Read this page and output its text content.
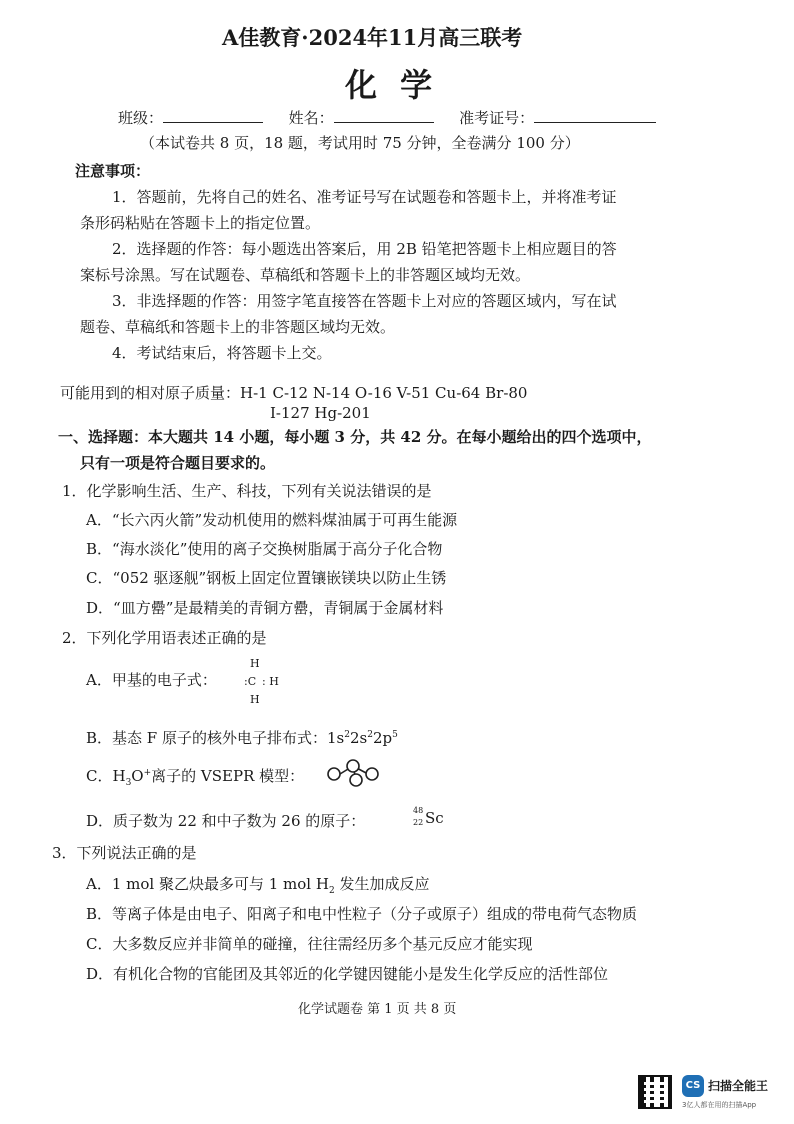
A佳教育·2024年11月高三联考
化 学
班级：	姓名：	准考证号：
（本试卷共 8 页，18 题，考试用时 75 分钟，全卷满分 100 分）
注意事项：
1．答题前，先将自己的姓名、准考证号写在试题卷和答题卡上，并将准考证
条形码粘贴在答题卡上的指定位置。
2．选择题的作答：每小题选出答案后，用 2B 铅笔把答题卡上相应题目的答
案标号涂黑。写在试题卷、草稿纸和答题卡上的非答题区域均无效。
3．非选择题的作答：用签字笔直接答在答题卡上对应的答题区域内，写在试
题卷、草稿纸和答题卡上的非答题区域均无效。
4．考试结束后，将答题卡上交。
可能用到的相对原子质量：H-1 C-12 N-14 O-16 V-51 Cu-64 Br-80
I-127 Hg-201
一、选择题：本大题共 14 小题，每小题 3 分，共 42 分。在每小题给出的四个选项中，
只有一项是符合题目要求的。
1．化学影响生活、生产、科技，下列有关说法错误的是
A．“长六丙火箭”发动机使用的燃料煤油属于可再生能源
B．“海水淡化”使用的离子交换树脂属于高分子化合物
C．“052 驱逐舰”钢板上固定位置镶嵌镁块以防止生锈
D．“皿方罍”是最精美的青铜方罍，青铜属于金属材料
2．下列化学用语表述正确的是
A．甲基的电子式：
H
:C : H
H
B．基态 F 原子的核外电子排布式：$1s^22s^22p^5$
C．$H_3O^+$离子的 VSEPR 模型：
D．质子数为 22 和中子数为 26 的原子：
48
22 Sc
3．下列说法正确的是
A．1 mol 聚乙炔最多可与 1 mol $H_2$ 发生加成反应
B．等离子体是由电子、阳离子和电中性粒子（分子或原子）组成的带电荷气态物质
C．大多数反应并非简单的碰撞，往往需经历多个基元反应才能实现
D．有机化合物的官能团及其邻近的化学键因键能小是发生化学反应的活性部位
化学试题卷 第 1 页 共 8 页
CS 扫描全能王
3亿人都在用的扫描App
